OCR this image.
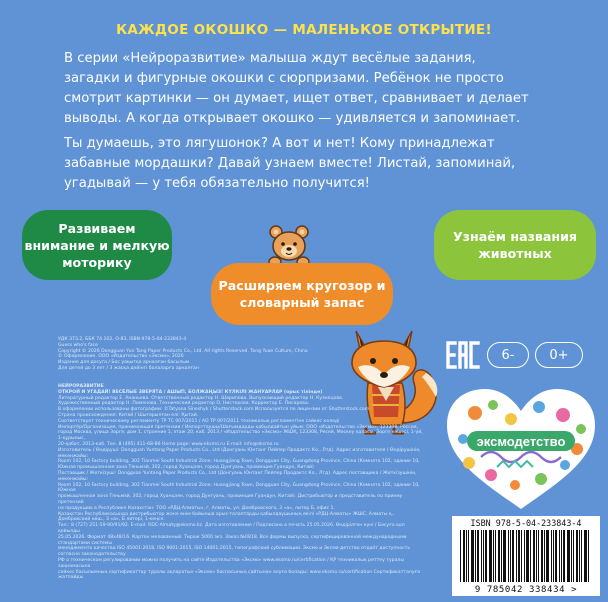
КАЖДОЕ ОКОШКО — МАЛЕНЬКОЕ ОТКРЫТИЕ!
В серии «Нейроразвитие» малыша ждут весёлые задания, загадки и фигурные окошки с сюрпризами. Ребёнок не просто смотрит картинки — он думает, ищет ответ, сравнивает и делает выводы. А когда открывает окошко — удивляется и запоминает.
Ты думаешь, это лягушонок? А вот и нет! Кому принадлежат забавные мордашки? Давай узнаем вместе! Листай, запоминай, угадывай — у тебя обязательно получится!
Развиваем внимание и мелкую моторику
Узнаём названия животных
Расширяем кругозор и словарный запас
УДК 373.2, ББК 74.102, О-83, ISBN 978-5-04-233843-4
Guess who's face
Copyright © 2026 Dongguan Yun Tang Paper Products Co., Ltd. All rights Reserved. Tong Yuan Culture, China
© Оформление. ООО «Издательство «Эксмо», 2026
Издание для досуга / Бос уақытқа арналған басылым
Для детей до 3 лет / 3 жасқа дейінгі балаларға арналған
НЕЙРОРАЗВИТИЕ
ОТКРОЙ И УГАДАЙ! ВЕСЁЛЫЕ ЗВЕРЯТА / АШЫП, БОЛЖАҢЫЗ! КҮЛКІЛІ ЖАНУАРЛАР (орыс тілінде)
Литературный редактор Е. Ананьева. Ответственный редактор Н. Шарипова. Выпускающий редактор Н. Кузнецова.
Художественный редактор Н. Пименова. Технический редактор О. Нистерова. Корректор Е. Писарева.
В оформлении использованы фотографии: ©Tatyana Sineshyk / Shutterstock.com Используется по лицензии от Shutterstock.com
Страна происхождения: Китай / Шығарылған елі: Қытай.
Соответствует техническому регламенту ТР ТС 007/2011 / АО ТР 007/2011 техникалық регламентіне сәйкес келеді
Импортёр/Организация, принимающая претензии / Импорттаушы/Шағымдарды қабылдайтын ұйым: ООО «Издательство «Эксмо», 123308, Россия,
город Москва, улица Зорге, дом 1, строение 1, этаж 20, каб. 2013 / «Издательство «Эксмо» ЖШҚ, 123308, Ресей, Мәскеу қаласы, Зорге көшесі, 1-үй, 1-құрылыс,
20-қабат, 2013-каб. Тел. 8 (495) 411-68-86 Home page: www.eksmo.ru E-mail: info@eksmo.ru
Изготовитель / Өндіруші: Dongguan Yuntang Paper Products Co., Ltd (Донгуань Юнтанг Пейпер Продактс Ко., Лтд). Адрес изготовителя / Өндірушінің мекенжайы:
Room 102, 10 Factory building, 302 Tianmei South Industrial Zone, Huangjiang Town, Dongguan City, Guangdong Province, China (Комната 102, здание 10,
Южная промышленная зона Тяньмэй, 302, город Хуанцзян, город Дунгуань, провинция Гуандун, Китай)
Поставщик / Жеткізуші: Dongguan Yuntang Paper Products Co., Ltd (Донгуань Юнтанг Пейпер Продактс Ко., Лтд). Адрес поставщика / Жеткізушінің мекенжайы:
Room 102, 10 Factory building, 302 Tianmei South Industrial Zone, Huangjiang Town, Dongguan City, Guangdong Province, China (Комната 102, здание 10, Южная
промышленная зона Тяньмэй, 302, город Хуанцзян, город Дунгуань, провинция Гуандун, Китай). Дистрибьютор и представитель по приему претензий
на продукцию в Республике Казахстан: ТОО «РДЦ-Алматы», г. Алматы, ул. Домбровского, 3 «а», литер Б, офис 1.
Қазақстан Республикасында дистрибьютор және өнім бойынша арыз-талаптарды қабылдаушының өкілі «РДЦ-Алматы» ЖШС, Алматы қ., Домбровский көш., 3 «а», Б литері, 1-кеңсе.
Тел.: 8 (727) 251-59-90/91/92. E-mail: RDC-Almaty@eksmo.kz. Дата изготовления / Подписано в печать 25.05.2026. Өндірілген күні / Басуға қол қойылды
25.05.2026. Формат 48x48/16. Картон мелованный. Тираж 5000 экз. Заказ №0818. Все формы выпуска, сертифицированной международными стандартами системы
менеджмента качества ISO 45001:2018, ISO 9001:2015, ISO 14001:2015, типографский сублимации. Эксмо и Эксмо-детство отдаёт доступность согласно законодательству
РФ о техническом регулировании можно получить на сайте Издательства «Эксмо» www.eksmo.ru/certification / ҚР техникалық реттеу туралы заңнамасына
сәйкес басылымның сертификаттар туралы ақпаратын «Эксмо» баспасының сайтынан алуға болады: www.eksmo.ru/certification Сертификатталуға жатпайды
6-	0+
эксмодетство
ISBN 978-5-04-233843-4
9 785042 338434 >
